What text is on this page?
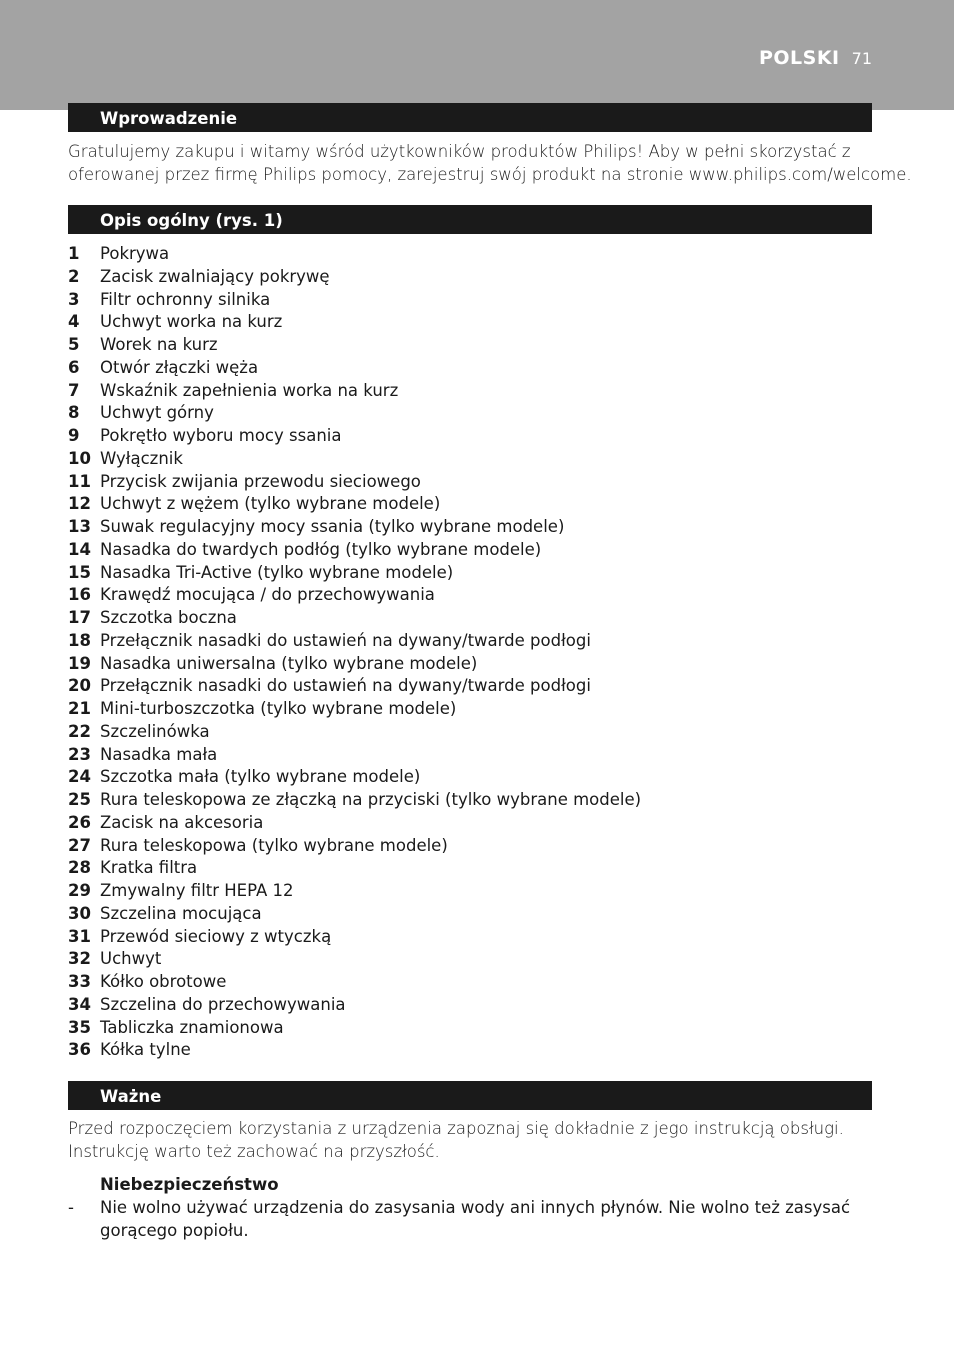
POLSKI 71
Wprowadzenie

Gratulujemy zakupu i witamy wśród użytkowników produktów Philips! Aby w pełni skorzystać z
oferowanej przez firmę Philips pomocy, zarejestruj swój produkt na stronie www.philips.com/welcome.

Opis ogólny (rys. 1)
1 Pokrywa
2 Zacisk zwalniający pokrywę
3 Filtr ochronny silnika
4 Uchwyt worka na kurz
5 Worek na kurz
6 Otwór złączki węża
7 Wskaźnik zapełnienia worka na kurz
8 Uchwyt górny
9 Pokrętło wyboru mocy ssania
10 Wyłącznik
11 Przycisk zwijania przewodu sieciowego
12 Uchwyt z wężem (tylko wybrane modele)
13 Suwak regulacyjny mocy ssania (tylko wybrane modele)
14 Nasadka do twardych podłóg (tylko wybrane modele)
15 Nasadka Tri-Active (tylko wybrane modele)
16 Krawędź mocująca / do przechowywania
17 Szczotka boczna
18 Przełącznik nasadki do ustawień na dywany/twarde podłogi
19 Nasadka uniwersalna (tylko wybrane modele)
20 Przełącznik nasadki do ustawień na dywany/twarde podłogi
21 Mini-turboszczotka (tylko wybrane modele)
22 Szczelinówka
23 Nasadka mała
24 Szczotka mała (tylko wybrane modele)
25 Rura teleskopowa ze złączką na przyciski (tylko wybrane modele)
26 Zacisk na akcesoria
27 Rura teleskopowa (tylko wybrane modele)
28 Kratka filtra
29 Zmywalny filtr HEPA 12
30 Szczelina mocująca
31 Przewód sieciowy z wtyczką
32 Uchwyt
33 Kółko obrotowe
34 Szczelina do przechowywania
35 Tabliczka znamionowa
36 Kółka tylne
Ważne

Przed rozpoczęciem korzystania z urządzenia zapoznaj się dokładnie z jego instrukcją obsługi.
Instrukcję warto też zachować na przyszłość.

Niebezpieczeństwo
- Nie wolno używać urządzenia do zasysania wody ani innych płynów. Nie wolno też zasysać gorącego popiołu.
